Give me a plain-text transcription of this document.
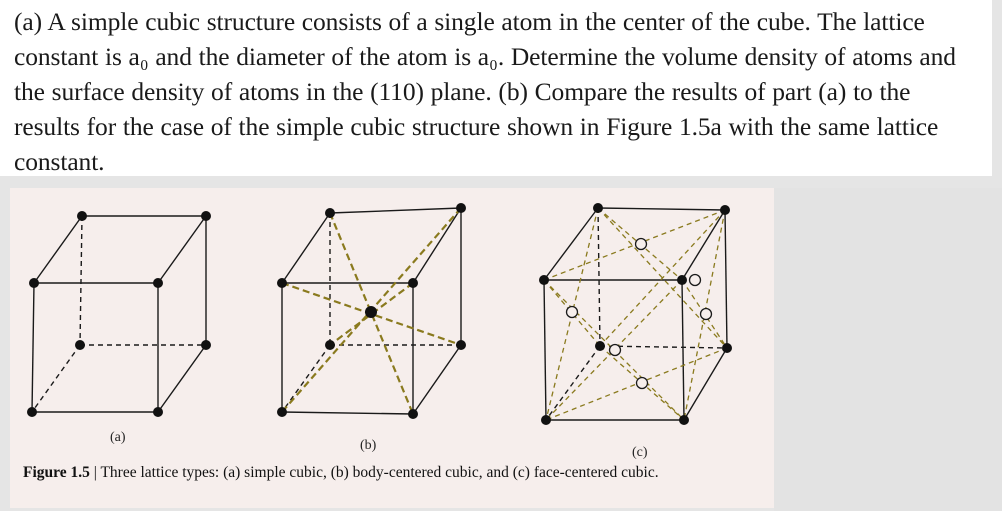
(a) A simple cubic structure consists of a single atom in the center of the cube. The lattice constant is a₀ and the diameter of the atom is a₀. Determine the volume density of atoms and the surface density of atoms in the (110) plane. (b) Compare the results of part (a) to the results for the case of the simple cubic structure shown in Figure 1.5a with the same lattice constant.

(a)
(b)	(c)
Figure 1.5 | Three lattice types: (a) simple cubic, (b) body-centered cubic, and (c) face-centered cubic.
